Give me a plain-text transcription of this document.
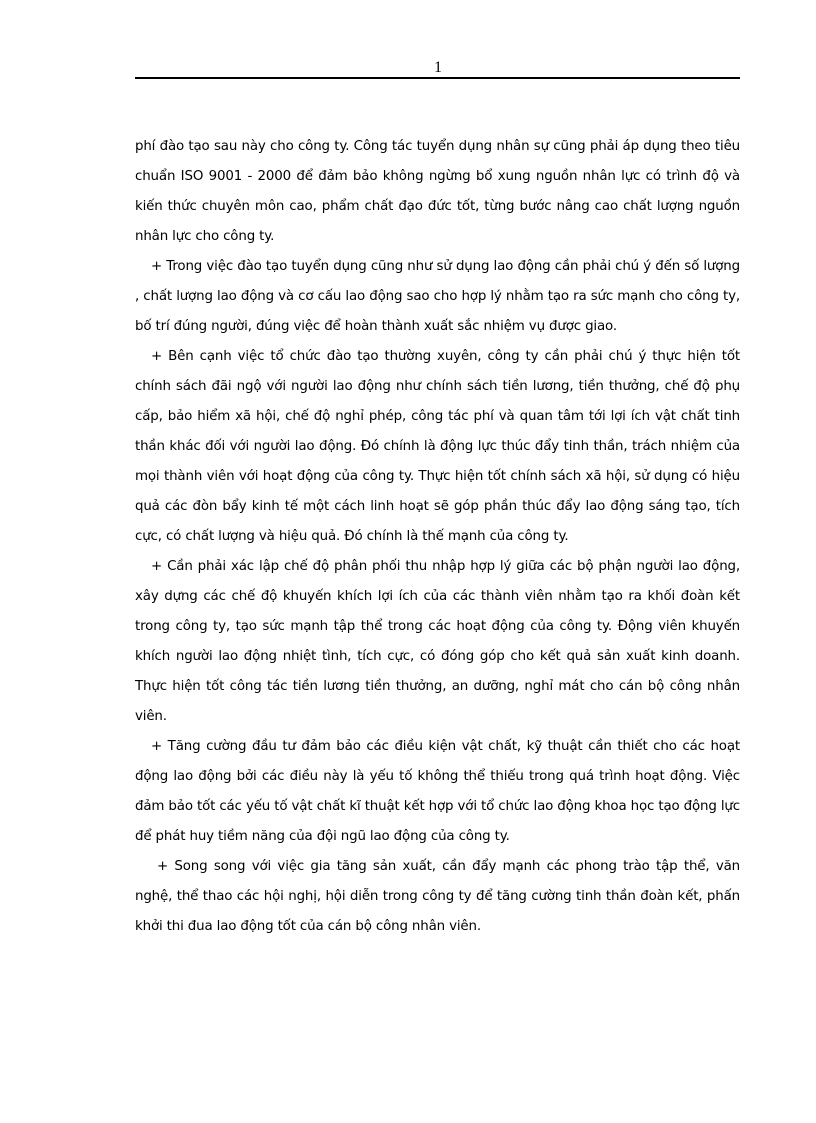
1

phí đào tạo sau này cho công ty. Công tác tuyển dụng nhân sự cũng phải áp dụng theo tiêu chuẩn ISO 9001 - 2000 để đảm bảo không ngừng bổ xung nguồn nhân lực có trình độ và kiến thức chuyên môn cao, phẩm chất đạo đức tốt, từng bước nâng cao chất lượng nguồn nhân lực cho công ty.

+ Trong việc đào tạo tuyển dụng cũng như sử dụng lao động cần phải chú ý đến số lượng , chất lượng lao động và cơ cấu lao động sao cho hợp lý nhằm tạo ra sức mạnh cho công ty, bố trí đúng người, đúng việc để hoàn thành xuất sắc nhiệm vụ được giao.

+ Bên cạnh việc tổ chức đào tạo thường xuyên, công ty cần phải chú ý thực hiện tốt chính sách đãi ngộ với người lao động như chính sách tiền lương, tiền thưởng, chế độ phụ cấp, bảo hiểm xã hội, chế độ nghỉ phép, công tác phí và quan tâm tới lợi ích vật chất tinh thần khác đối với người lao động. Đó chính là động lực thúc đẩy tinh thần, trách nhiệm của mọi thành viên với hoạt động của công ty. Thực hiện tốt chính sách xã hội, sử dụng có hiệu quả các đòn bẩy kinh tế một cách linh hoạt sẽ góp phần thúc đẩy lao động sáng tạo, tích cực, có chất lượng và hiệu quả. Đó chính là thế mạnh của công ty.

+ Cần phải xác lập chế độ phân phối thu nhập hợp lý giữa các bộ phận người lao động, xây dựng các chế độ khuyến khích lợi ích của các thành viên nhằm tạo ra khối đoàn kết trong công ty, tạo sức mạnh tập thể trong các hoạt động của công ty. Động viên khuyến khích người lao động nhiệt tình, tích cực, có đóng góp cho kết quả sản xuất kinh doanh. Thực hiện tốt công tác tiền lương tiền thưởng, an dưỡng, nghỉ mát cho cán bộ công nhân viên.

+ Tăng cường đầu tư đảm bảo các điều kiện vật chất, kỹ thuật cần thiết cho các hoạt động lao động bởi các điều này là yếu tố không thể thiếu trong quá trình hoạt động. Việc đảm bảo tốt các yếu tố vật chất kĩ thuật kết hợp với tổ chức lao động khoa học tạo động lực để phát huy tiềm năng của đội ngũ lao động của công ty.

+ Song song với việc gia tăng sản xuất, cần đẩy mạnh các phong trào tập thể, văn nghệ, thể thao các hội nghị, hội diễn trong công ty để tăng cường tinh thần đoàn kết, phấn khởi thi đua lao động tốt của cán bộ công nhân viên.
